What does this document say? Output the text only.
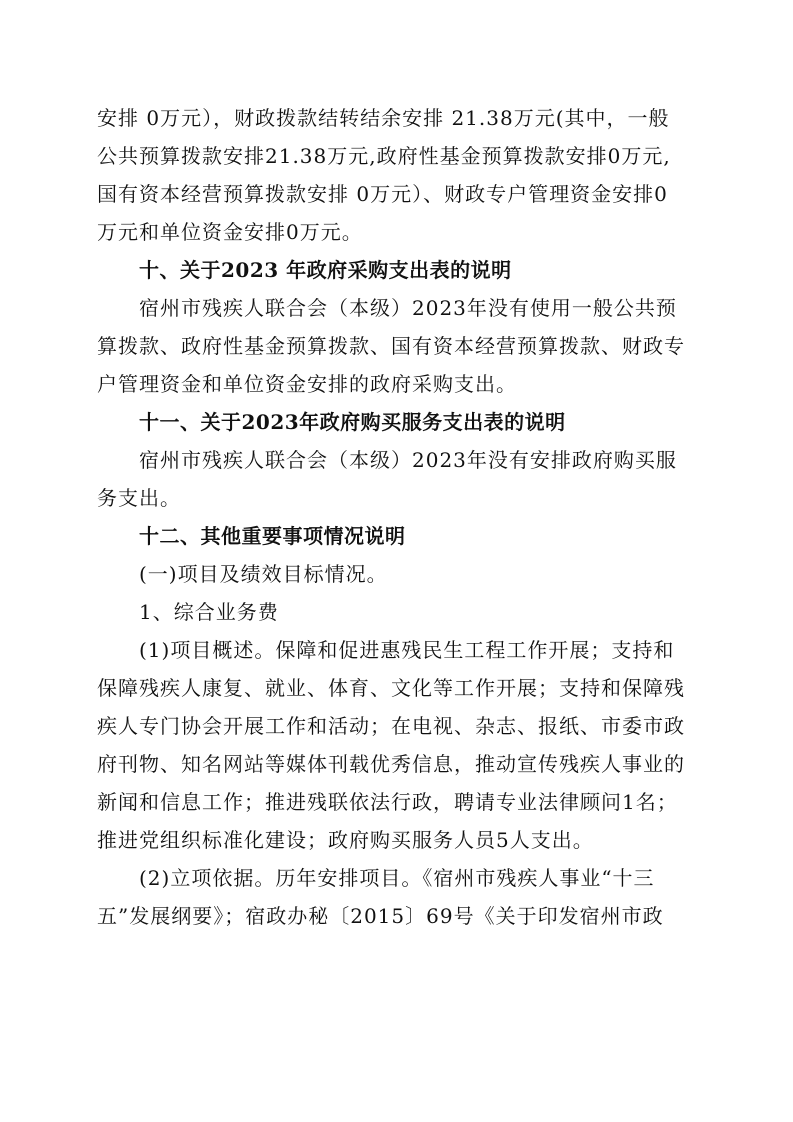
安排 0万元），财政拨款结转结余安排 21.38万元(其中，一般
公共预算拨款安排21.38万元,政府性基金预算拨款安排0万元,
国有资本经营预算拨款安排 0万元）、财政专户管理资金安排0
万元和单位资金安排0万元。
十、关于2023 年政府采购支出表的说明
宿州市残疾人联合会（本级）2023年没有使用一般公共预
算拨款、政府性基金预算拨款、国有资本经营预算拨款、财政专
户管理资金和单位资金安排的政府采购支出。
十一、关于2023年政府购买服务支出表的说明
宿州市残疾人联合会（本级）2023年没有安排政府购买服
务支出。
十二、其他重要事项情况说明
(一)项目及绩效目标情况。
1、综合业务费
(1)项目概述。保障和促进惠残民生工程工作开展；支持和
保障残疾人康复、就业、体育、文化等工作开展；支持和保障残
疾人专门协会开展工作和活动；在电视、杂志、报纸、市委市政
府刊物、知名网站等媒体刊载优秀信息，推动宣传残疾人事业的
新闻和信息工作；推进残联依法行政，聘请专业法律顾问1名；
推进党组织标准化建设；政府购买服务人员5人支出。
(2)立项依据。历年安排项目。《宿州市残疾人事业“十三
五”发展纲要》；宿政办秘〔2015〕69号《关于印发宿州市政
